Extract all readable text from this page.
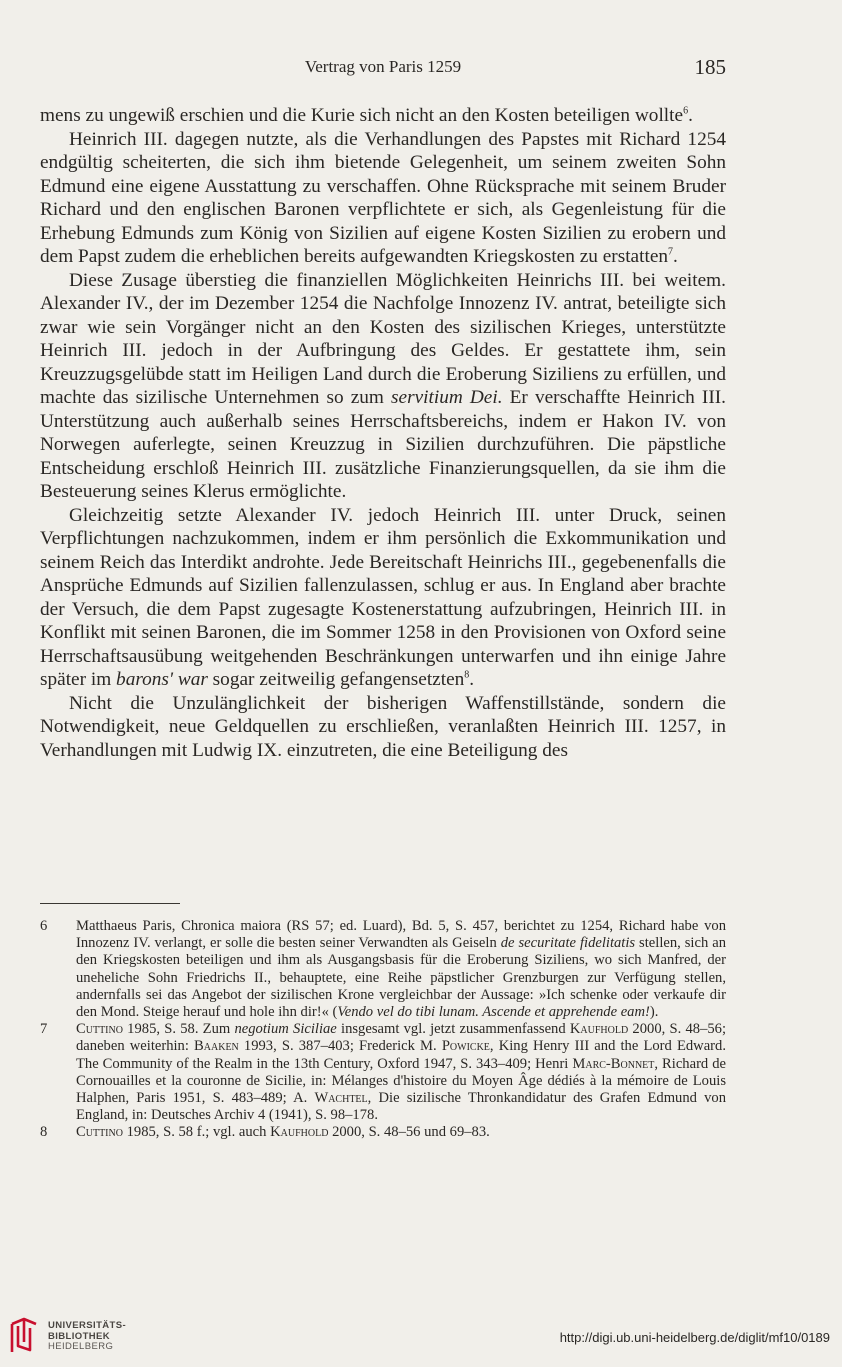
Vertrag von Paris 1259	185

mens zu ungewiß erschien und die Kurie sich nicht an den Kosten beteiligen wollte$^6$.

Heinrich III. dagegen nutzte, als die Verhandlungen des Papstes mit Richard 1254 endgültig scheiterten, die sich ihm bietende Gelegenheit, um seinem zweiten Sohn Edmund eine eigene Ausstattung zu verschaffen. Ohne Rücksprache mit seinem Bruder Richard und den englischen Baronen verpflichtete er sich, als Gegenleistung für die Erhebung Edmunds zum König von Sizilien auf eigene Kosten Sizilien zu erobern und dem Papst zudem die erheblichen bereits aufgewandten Kriegskosten zu erstatten$^7$.

Diese Zusage überstieg die finanziellen Möglichkeiten Heinrichs III. bei weitem. Alexander IV., der im Dezember 1254 die Nachfolge Innozenz IV. antrat, beteiligte sich zwar wie sein Vorgänger nicht an den Kosten des sizilischen Krieges, unterstützte Heinrich III. jedoch in der Aufbringung des Geldes. Er gestattete ihm, sein Kreuzzugsgelübde statt im Heiligen Land durch die Eroberung Siziliens zu erfüllen, und machte das sizilische Unternehmen so zum servitium Dei. Er verschaffte Heinrich III. Unterstützung auch außerhalb seines Herrschaftsbereichs, indem er Hakon IV. von Norwegen auferlegte, seinen Kreuzzug in Sizilien durchzuführen. Die päpstliche Entscheidung erschloß Heinrich III. zusätzliche Finanzierungsquellen, da sie ihm die Besteuerung seines Klerus ermöglichte.

Gleichzeitig setzte Alexander IV. jedoch Heinrich III. unter Druck, seinen Verpflichtungen nachzukommen, indem er ihm persönlich die Exkommunikation und seinem Reich das Interdikt androhte. Jede Bereitschaft Heinrichs III., gegebenenfalls die Ansprüche Edmunds auf Sizilien fallenzulassen, schlug er aus. In England aber brachte der Versuch, die dem Papst zugesagte Kostenerstattung aufzubringen, Heinrich III. in Konflikt mit seinen Baronen, die im Sommer 1258 in den Provisionen von Oxford seine Herrschaftsausübung weitgehenden Beschränkungen unterwarfen und ihn einige Jahre später im barons' war sogar zeitweilig gefangensetzten$^8$.

Nicht die Unzulänglichkeit der bisherigen Waffenstillstände, sondern die Notwendigkeit, neue Geldquellen zu erschließen, veranlaßten Heinrich III. 1257, in Verhandlungen mit Ludwig IX. einzutreten, die eine Beteiligung des

6 Matthaeus Paris, Chronica maiora (RS 57; ed. Luard), Bd. 5, S. 457, berichtet zu 1254, Richard habe von Innozenz IV. verlangt, er solle die besten seiner Verwandten als Geiseln de securitate fidelitatis stellen, sich an den Kriegskosten beteiligen und ihm als Ausgangsbasis für die Eroberung Siziliens, wo sich Manfred, der uneheliche Sohn Friedrichs II., behauptete, eine Reihe päpstlicher Grenzburgen zur Verfügung stellen, andernfalls sei das Angebot der sizilischen Krone vergleichbar der Aussage: »Ich schenke oder verkaufe dir den Mond. Steige herauf und hole ihn dir!« (Vendo vel do tibi lunam. Ascende et apprehende eam!).
7 Cuttino 1985, S. 58. Zum negotium Siciliae insgesamt vgl. jetzt zusammenfassend Kaufhold 2000, S. 48–56; daneben weiterhin: Baaken 1993, S. 387–403; Frederick M. Powicke, King Henry III and the Lord Edward. The Community of the Realm in the 13th Century, Oxford 1947, S. 343–409; Henri Marc-Bonnet, Richard de Cornouailles et la couronne de Sicilie, in: Mélanges d'histoire du Moyen Âge dédiés à la mémoire de Louis Halphen, Paris 1951, S. 483–489; A. Wachtel, Die sizilische Thronkandidatur des Grafen Edmund von England, in: Deutsches Archiv 4 (1941), S. 98–178.
8 Cuttino 1985, S. 58 f.; vgl. auch Kaufhold 2000, S. 48–56 und 69–83.
UNIVERSITÄTS-
BIBLIOTHEK
HEIDELBERG
http://digi.ub.uni-heidelberg.de/diglit/mf10/0189
